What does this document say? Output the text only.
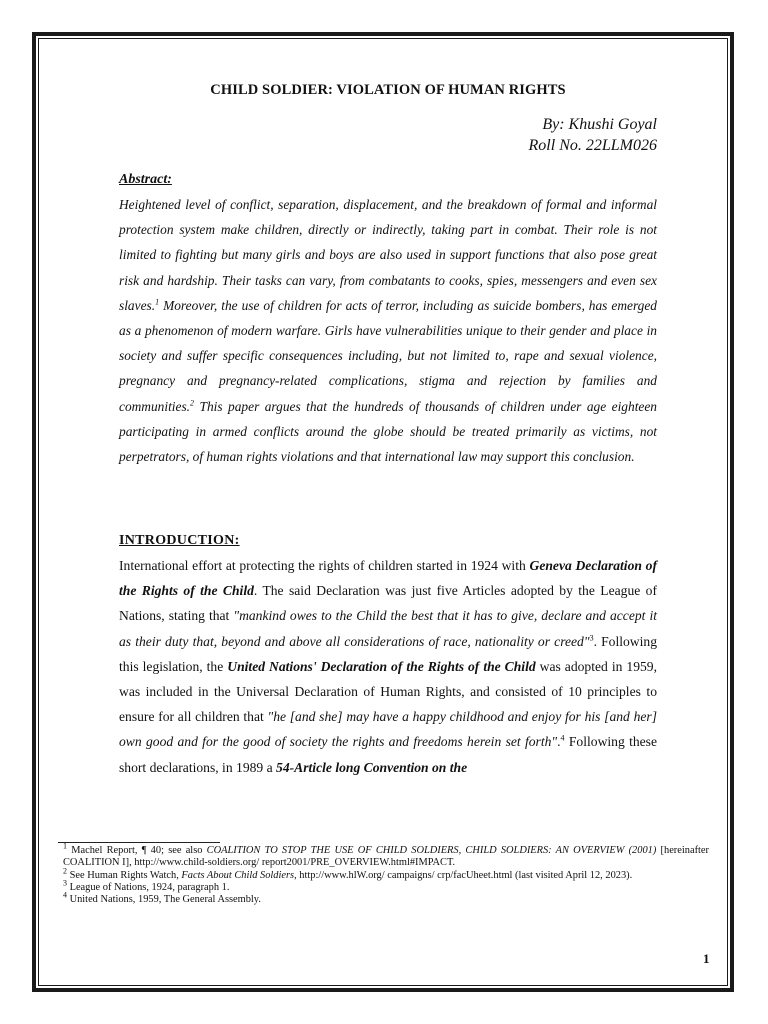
CHILD SOLDIER: VIOLATION OF HUMAN RIGHTS
By: Khushi Goyal
Roll No. 22LLM026
Abstract:
Heightened level of conflict, separation, displacement, and the breakdown of formal and informal protection system make children, directly or indirectly, taking part in combat. Their role is not limited to fighting but many girls and boys are also used in support functions that also pose great risk and hardship. Their tasks can vary, from combatants to cooks, spies, messengers and even sex slaves.$^1$ Moreover, the use of children for acts of terror, including as suicide bombers, has emerged as a phenomenon of modern warfare. Girls have vulnerabilities unique to their gender and place in society and suffer specific consequences including, but not limited to, rape and sexual violence, pregnancy and pregnancy-related complications, stigma and rejection by families and communities.$^2$ This paper argues that the hundreds of thousands of children under age eighteen participating in armed conflicts around the globe should be treated primarily as victims, not perpetrators, of human rights violations and that international law may support this conclusion.
INTRODUCTION:
International effort at protecting the rights of children started in 1924 with Geneva Declaration of the Rights of the Child. The said Declaration was just five Articles adopted by the League of Nations, stating that "mankind owes to the Child the best that it has to give, declare and accept it as their duty that, beyond and above all considerations of race, nationality or creed"$^3$. Following this legislation, the United Nations' Declaration of the Rights of the Child was adopted in 1959, was included in the Universal Declaration of Human Rights, and consisted of 10 principles to ensure for all children that "he [and she] may have a happy childhood and enjoy for his [and her] own good and for the good of society the rights and freedoms herein set forth".$^4$ Following these short declarations, in 1989 a 54-Article long Convention on the

$^1$ Machel Report, ¶ 40; see also COALITION TO STOP THE USE OF CHILD SOLDIERS, CHILD SOLDIERS: AN OVERVIEW (2001) [hereinafter COALITION I], http://www.child-soldiers.org/ report2001/PRE_OVERVIEW.html#IMPACT.

$^2$ See Human Rights Watch, Facts About Child Soldiers, http://www.hlW.org/ campaigns/ crp/facUheet.html (last visited April 12, 2023).

$^3$ League of Nations, 1924, paragraph 1.

$^4$ United Nations, 1959, The General Assembly.

1
